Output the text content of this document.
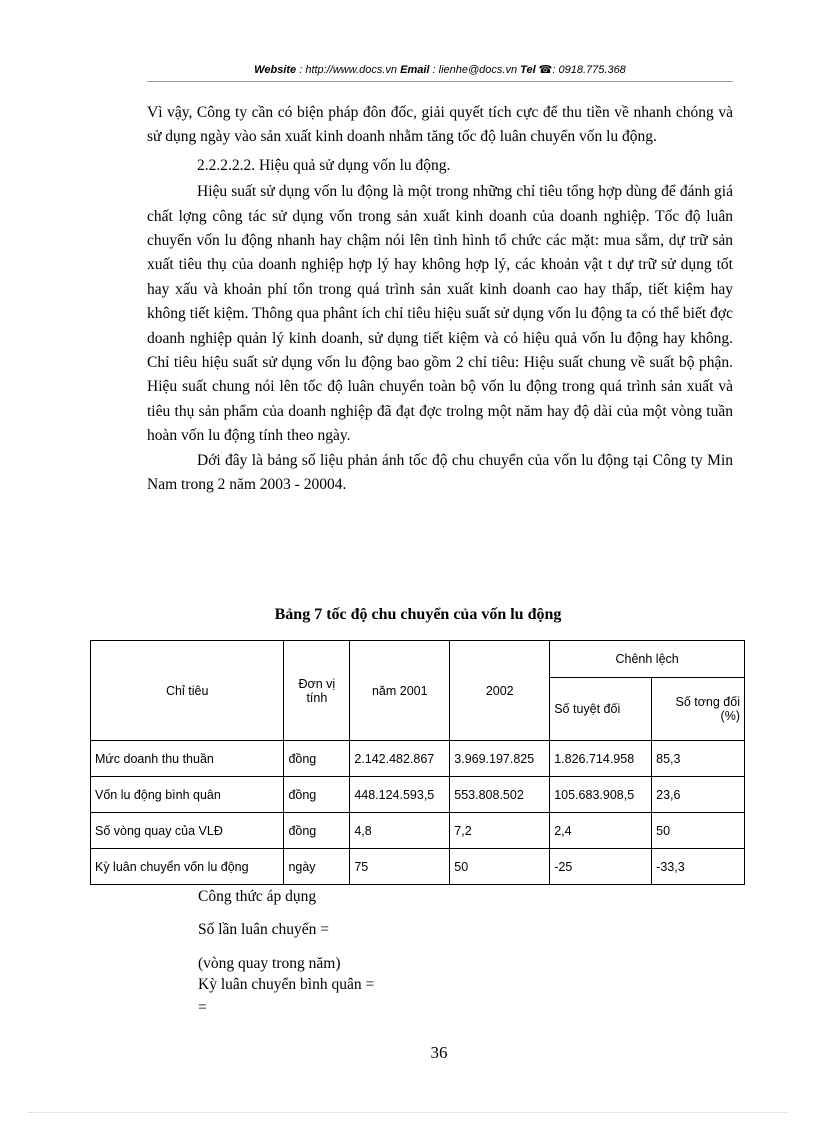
Website : http://www.docs.vn Email : lienhe@docs.vn Tel ☎: 0918.775.368

Vì vậy, Công ty cần có biện pháp đôn đốc, giải quyết tích cực để thu tiền về nhanh chóng và sử dụng ngày vào sản xuất kinh doanh nhằm tăng tốc độ luân chuyển vốn lu động.

2.2.2.2.2. Hiệu quả sử dụng vốn lu động.

Hiệu suất sử dụng vốn lu động là một trong những chỉ tiêu tổng hợp dùng để đánh giá chất lợng công tác sử dụng vốn trong sản xuất kinh doanh của doanh nghiệp. Tốc độ luân chuyển vốn lu động nhanh hay chậm nói lên tình hình tổ chức các mặt: mua sắm, dự trữ sản xuất tiêu thụ của doanh nghiệp hợp lý hay không hợp lý, các khoản vật t dự trữ sử dụng tốt hay xấu và khoản phí tổn trong quá trình sản xuất kinh doanh cao hay thấp, tiết kiệm hay không tiết kiệm. Thông qua phânt ích chỉ tiêu hiệu suất sử dụng vốn lu động ta có thể biết đợc doanh nghiệp quản lý kinh doanh, sử dụng tiết kiệm và có hiệu quả vốn lu động hay không. Chỉ tiêu hiệu suất sử dụng vốn lu động bao gồm 2 chỉ tiêu: Hiệu suất chung về suất bộ phận. Hiệu suất chung nói lên tốc độ luân chuyển toàn bộ vốn lu động trong quá trình sản xuất và tiêu thụ sản phẩm của doanh nghiệp đã đạt đợc trolng một năm hay độ dài của một vòng tuần hoàn vốn lu động tính theo ngày.

Dới đây là bảng số liệu phản ánh tốc độ chu chuyển của vốn lu động tại Công ty Min Nam trong 2 năm 2003 - 20004.

Bảng 7 tốc độ chu chuyển của vốn lu động
Chỉ tiêu	Đơn vị tính	năm 2001	2002	Chênh lệch	
				Số tuyệt đối	Số tơng đối (%)
Mức doanh thu thuần	đồng	2.142.482.867	3.969.197.825	1.826.714.958	85,3
Vốn lu động bình quân	đồng	448.124.593,5	553.808.502	105.683.908,5	23,6
Số vòng quay của VLĐ	đồng	4,8	7,2	2,4	50
Kỳ luân chuyển vốn lu động	ngày	75	50	-25	-33,3
Công thức áp dụng
Số lần luân chuyển =
(vòng quay trong năm)
Kỳ luân chuyển bình quân =
=
36
